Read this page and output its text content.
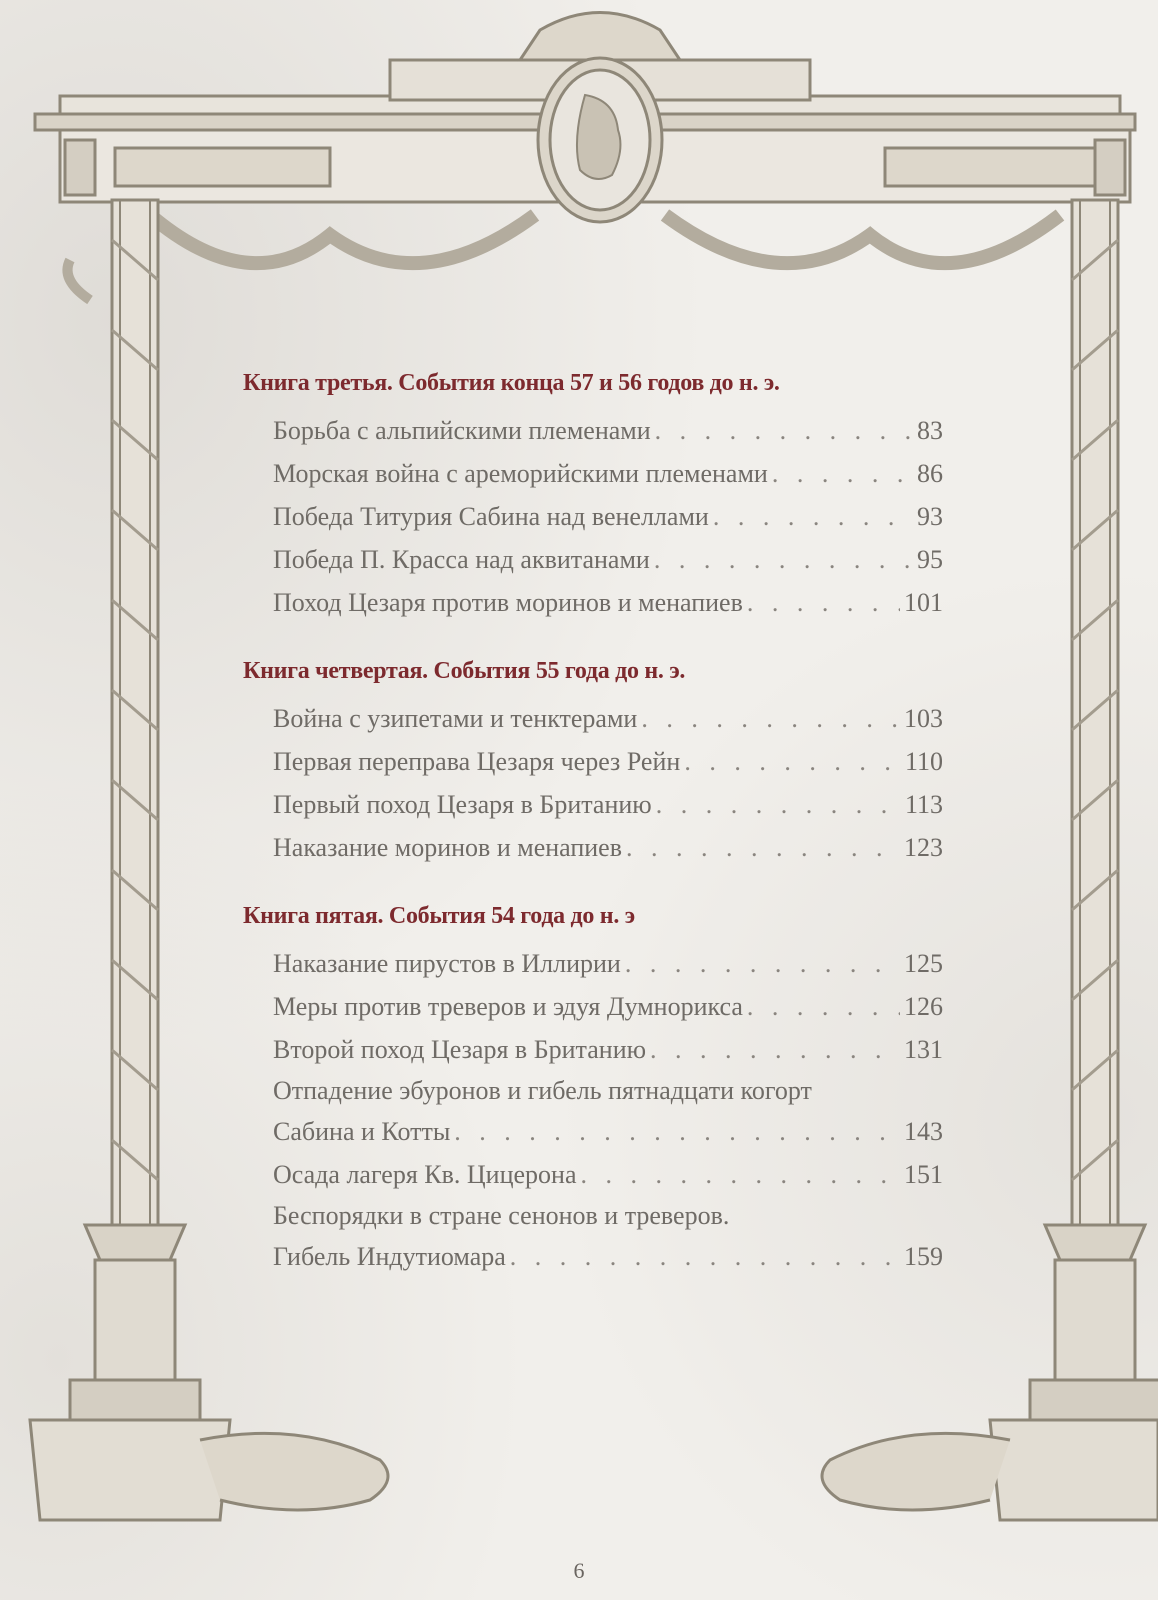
Книга третья. События конца 57 и 56 годов до н. э.
Борьба с альпийскими племенами . . .	83
Морская война с ареморийскими племенами . . .	86
Победа Титурия Сабина над венеллами . . .	93
Победа П. Красса над аквитанами . . .	95
Поход Цезаря против моринов и менапиев . . .	101
Книга четвертая. События 55 года до н. э.
Война с узипетами и тенктерами . . .	103
Первая переправа Цезаря через Рейн . . .	110
Первый поход Цезаря в Британию . . .	113
Наказание моринов и менапиев . . .	123
Книга пятая. События 54 года до н. э
Наказание пирустов в Иллирии . . .	125
Меры против треверов и эдуя Думнорикса . . .	126
Второй поход Цезаря в Британию . . .	131
Отпадение эбуронов и гибель пятнадцати когорт
Сабина и Котты . . .	143
Осада лагеря Кв. Цицерона . . .	151
Беспорядки в стране сенонов и треверов.
Гибель Индутиомара . . .	159
6
